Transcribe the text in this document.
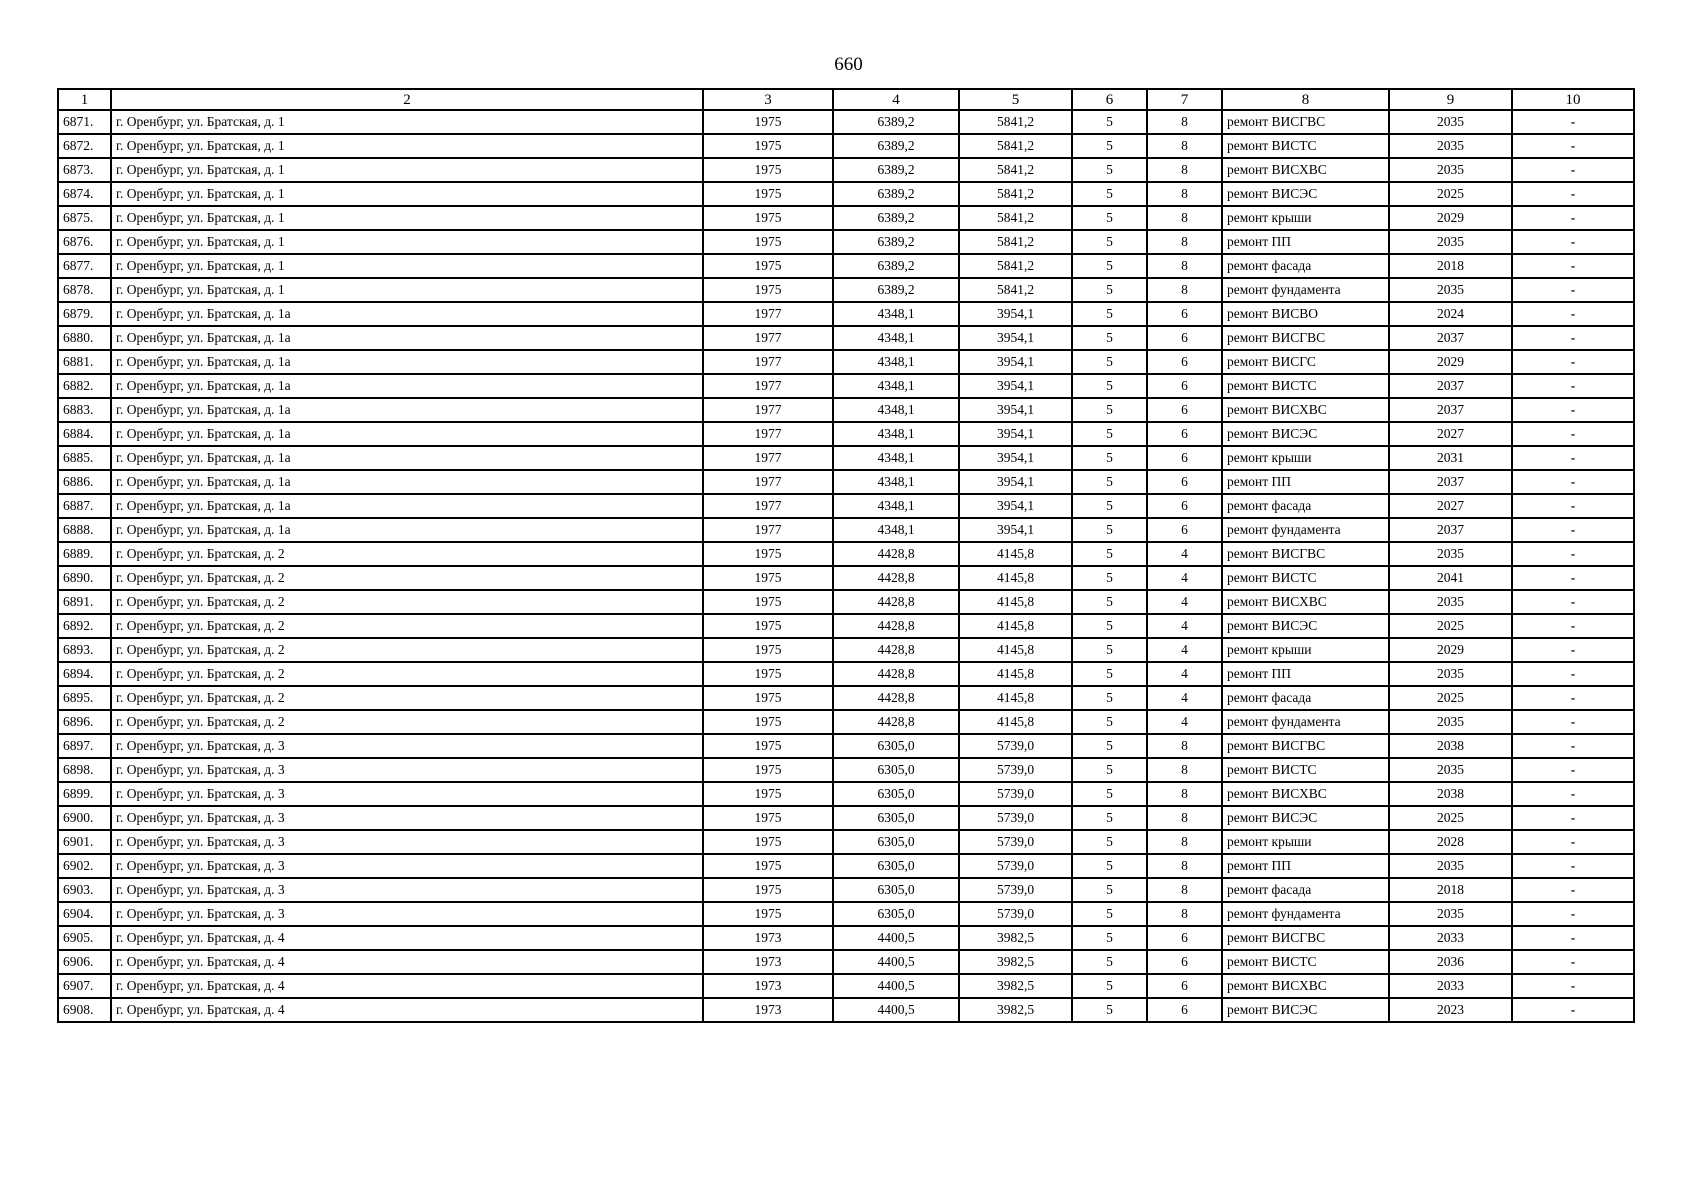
660
1	2	3	4	5	6	7	8	9	10
6871.	г. Оренбург, ул. Братская, д. 1	1975	6389,2	5841,2	5	8	ремонт ВИСГВС	2035	-
6872.	г. Оренбург, ул. Братская, д. 1	1975	6389,2	5841,2	5	8	ремонт ВИСТС	2035	-
6873.	г. Оренбург, ул. Братская, д. 1	1975	6389,2	5841,2	5	8	ремонт ВИСХВС	2035	-
6874.	г. Оренбург, ул. Братская, д. 1	1975	6389,2	5841,2	5	8	ремонт ВИСЭС	2025	-
6875.	г. Оренбург, ул. Братская, д. 1	1975	6389,2	5841,2	5	8	ремонт крыши	2029	-
6876.	г. Оренбург, ул. Братская, д. 1	1975	6389,2	5841,2	5	8	ремонт ПП	2035	-
6877.	г. Оренбург, ул. Братская, д. 1	1975	6389,2	5841,2	5	8	ремонт фасада	2018	-
6878.	г. Оренбург, ул. Братская, д. 1	1975	6389,2	5841,2	5	8	ремонт фундамента	2035	-
6879.	г. Оренбург, ул. Братская, д. 1а	1977	4348,1	3954,1	5	6	ремонт ВИСВО	2024	-
6880.	г. Оренбург, ул. Братская, д. 1а	1977	4348,1	3954,1	5	6	ремонт ВИСГВС	2037	-
6881.	г. Оренбург, ул. Братская, д. 1а	1977	4348,1	3954,1	5	6	ремонт ВИСГС	2029	-
6882.	г. Оренбург, ул. Братская, д. 1а	1977	4348,1	3954,1	5	6	ремонт ВИСТС	2037	-
6883.	г. Оренбург, ул. Братская, д. 1а	1977	4348,1	3954,1	5	6	ремонт ВИСХВС	2037	-
6884.	г. Оренбург, ул. Братская, д. 1а	1977	4348,1	3954,1	5	6	ремонт ВИСЭС	2027	-
6885.	г. Оренбург, ул. Братская, д. 1а	1977	4348,1	3954,1	5	6	ремонт крыши	2031	-
6886.	г. Оренбург, ул. Братская, д. 1а	1977	4348,1	3954,1	5	6	ремонт ПП	2037	-
6887.	г. Оренбург, ул. Братская, д. 1а	1977	4348,1	3954,1	5	6	ремонт фасада	2027	-
6888.	г. Оренбург, ул. Братская, д. 1а	1977	4348,1	3954,1	5	6	ремонт фундамента	2037	-
6889.	г. Оренбург, ул. Братская, д. 2	1975	4428,8	4145,8	5	4	ремонт ВИСГВС	2035	-
6890.	г. Оренбург, ул. Братская, д. 2	1975	4428,8	4145,8	5	4	ремонт ВИСТС	2041	-
6891.	г. Оренбург, ул. Братская, д. 2	1975	4428,8	4145,8	5	4	ремонт ВИСХВС	2035	-
6892.	г. Оренбург, ул. Братская, д. 2	1975	4428,8	4145,8	5	4	ремонт ВИСЭС	2025	-
6893.	г. Оренбург, ул. Братская, д. 2	1975	4428,8	4145,8	5	4	ремонт крыши	2029	-
6894.	г. Оренбург, ул. Братская, д. 2	1975	4428,8	4145,8	5	4	ремонт ПП	2035	-
6895.	г. Оренбург, ул. Братская, д. 2	1975	4428,8	4145,8	5	4	ремонт фасада	2025	-
6896.	г. Оренбург, ул. Братская, д. 2	1975	4428,8	4145,8	5	4	ремонт фундамента	2035	-
6897.	г. Оренбург, ул. Братская, д. 3	1975	6305,0	5739,0	5	8	ремонт ВИСГВС	2038	-
6898.	г. Оренбург, ул. Братская, д. 3	1975	6305,0	5739,0	5	8	ремонт ВИСТС	2035	-
6899.	г. Оренбург, ул. Братская, д. 3	1975	6305,0	5739,0	5	8	ремонт ВИСХВС	2038	-
6900.	г. Оренбург, ул. Братская, д. 3	1975	6305,0	5739,0	5	8	ремонт ВИСЭС	2025	-
6901.	г. Оренбург, ул. Братская, д. 3	1975	6305,0	5739,0	5	8	ремонт крыши	2028	-
6902.	г. Оренбург, ул. Братская, д. 3	1975	6305,0	5739,0	5	8	ремонт ПП	2035	-
6903.	г. Оренбург, ул. Братская, д. 3	1975	6305,0	5739,0	5	8	ремонт фасада	2018	-
6904.	г. Оренбург, ул. Братская, д. 3	1975	6305,0	5739,0	5	8	ремонт фундамента	2035	-
6905.	г. Оренбург, ул. Братская, д. 4	1973	4400,5	3982,5	5	6	ремонт ВИСГВС	2033	-
6906.	г. Оренбург, ул. Братская, д. 4	1973	4400,5	3982,5	5	6	ремонт ВИСТС	2036	-
6907.	г. Оренбург, ул. Братская, д. 4	1973	4400,5	3982,5	5	6	ремонт ВИСХВС	2033	-
6908.	г. Оренбург, ул. Братская, д. 4	1973	4400,5	3982,5	5	6	ремонт ВИСЭС	2023	-
